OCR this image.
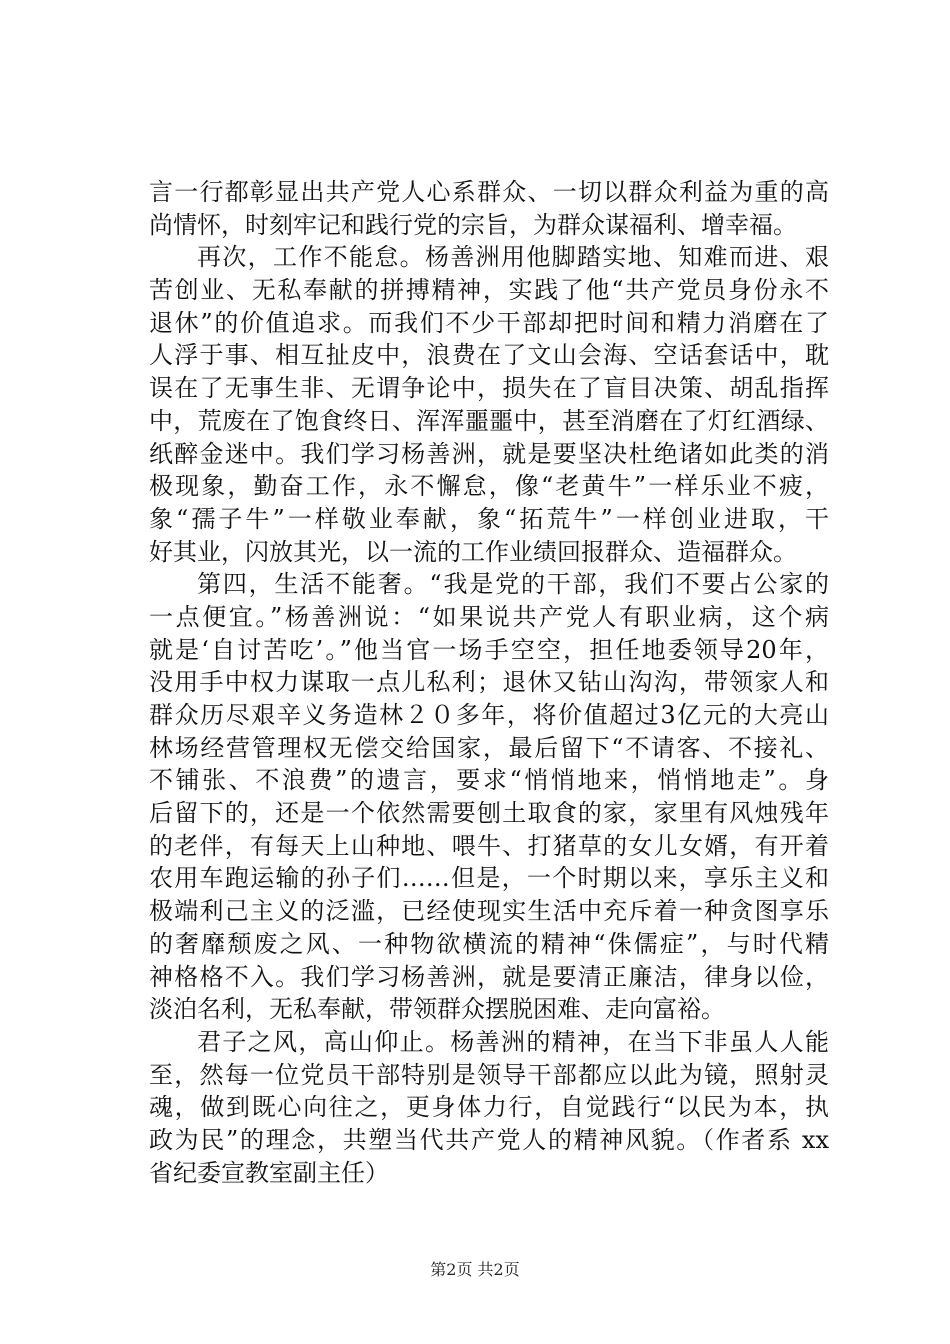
言一行都彰显出共产党人心系群众、一切以群众利益为重的高
尚情怀，时刻牢记和践行党的宗旨，为群众谋福利、增幸福。
再次，工作不能怠。杨善洲用他脚踏实地、知难而进、艰
苦创业、无私奉献的拼搏精神，实践了他“共产党员身份永不
退休”的价值追求。而我们不少干部却把时间和精力消磨在了
人浮于事、相互扯皮中，浪费在了文山会海、空话套话中，耽
误在了无事生非、无谓争论中，损失在了盲目决策、胡乱指挥
中，荒废在了饱食终日、浑浑噩噩中，甚至消磨在了灯红酒绿、
纸醉金迷中。我们学习杨善洲，就是要坚决杜绝诸如此类的消
极现象，勤奋工作，永不懈怠，像“老黄牛”一样乐业不疲，
象“孺子牛”一样敬业奉献，象“拓荒牛”一样创业进取，干
好其业，闪放其光，以一流的工作业绩回报群众、造福群众。
第四，生活不能奢。“我是党的干部，我们不要占公家的
一点便宜。”杨善洲说：“如果说共产党人有职业病，这个病
就是‘自讨苦吃’。”他当官一场手空空，担任地委领导20年，
没用手中权力谋取一点儿私利；退休又钻山沟沟，带领家人和
群众历尽艰辛义务造林２０多年，将价值超过3亿元的大亮山
林场经营管理权无偿交给国家，最后留下“不请客、不接礼、
不铺张、不浪费”的遗言，要求“悄悄地来，悄悄地走”。身
后留下的，还是一个依然需要刨土取食的家，家里有风烛残年
的老伴，有每天上山种地、喂牛、打猪草的女儿女婿，有开着
农用车跑运输的孙子们……但是，一个时期以来，享乐主义和
极端利己主义的泛滥，已经使现实生活中充斥着一种贪图享乐
的奢靡颓废之风、一种物欲横流的精神“侏儒症”，与时代精
神格格不入。我们学习杨善洲，就是要清正廉洁，律身以俭，
淡泊名利，无私奉献，带领群众摆脱困难、走向富裕。
君子之风，高山仰止。杨善洲的精神，在当下非虽人人能
至，然每一位党员干部特别是领导干部都应以此为镜，照射灵
魂，做到既心向往之，更身体力行，自觉践行“以民为本，执
政为民”的理念，共塑当代共产党人的精神风貌。（作者系 xx
省纪委宣教室副主任）
第2页 共2页
